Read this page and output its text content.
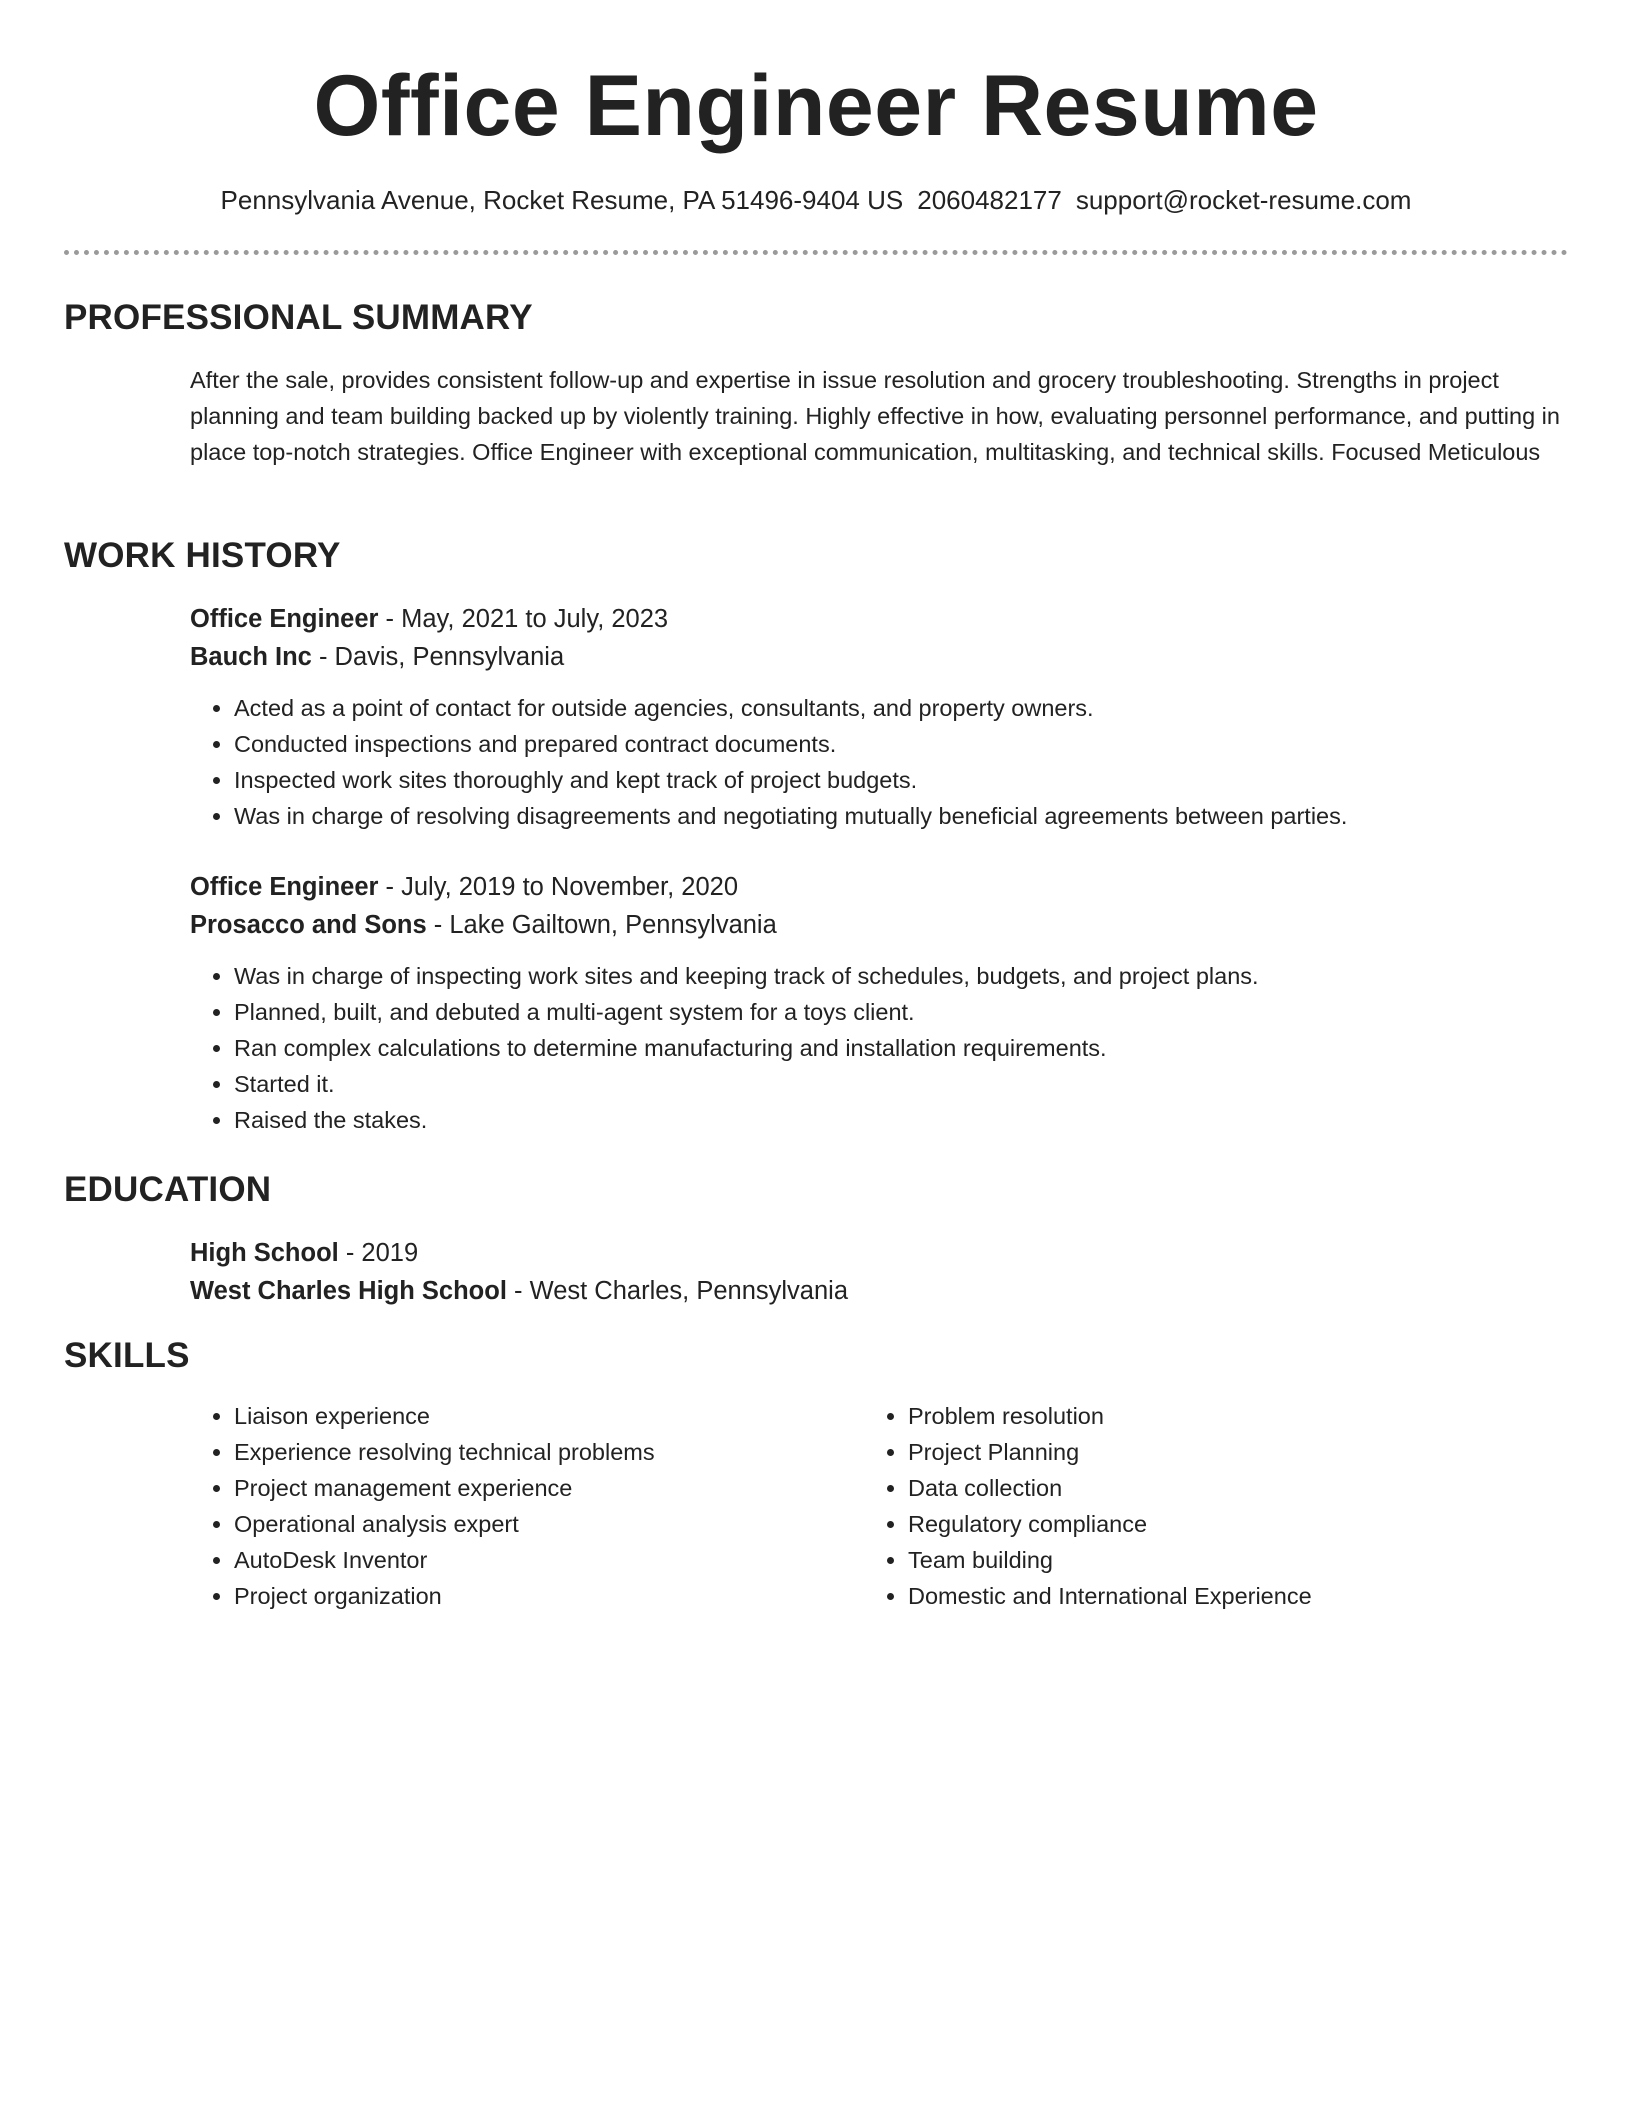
Office Engineer Resume
Pennsylvania Avenue, Rocket Resume, PA 51496-9404 US 2060482177 support@rocket-resume.com
PROFESSIONAL SUMMARY
After the sale, provides consistent follow-up and expertise in issue resolution and grocery troubleshooting. Strengths in project planning and team building backed up by violently training. Highly effective in how, evaluating personnel performance, and putting in place top-notch strategies. Office Engineer with exceptional communication, multitasking, and technical skills. Focused Meticulous
WORK HISTORY
Office Engineer - May, 2021 to July, 2023
Bauch Inc - Davis, Pennsylvania
• Acted as a point of contact for outside agencies, consultants, and property owners.
• Conducted inspections and prepared contract documents.
• Inspected work sites thoroughly and kept track of project budgets.
• Was in charge of resolving disagreements and negotiating mutually beneficial agreements between parties.
Office Engineer - July, 2019 to November, 2020
Prosacco and Sons - Lake Gailtown, Pennsylvania
• Was in charge of inspecting work sites and keeping track of schedules, budgets, and project plans.
• Planned, built, and debuted a multi-agent system for a toys client.
• Ran complex calculations to determine manufacturing and installation requirements.
• Started it.
• Raised the stakes.
EDUCATION
High School - 2019
West Charles High School - West Charles, Pennsylvania
SKILLS
• Liaison experience
• Experience resolving technical problems
• Project management experience
• Operational analysis expert
• AutoDesk Inventor
• Project organization
• Problem resolution
• Project Planning
• Data collection
• Regulatory compliance
• Team building
• Domestic and International Experience
